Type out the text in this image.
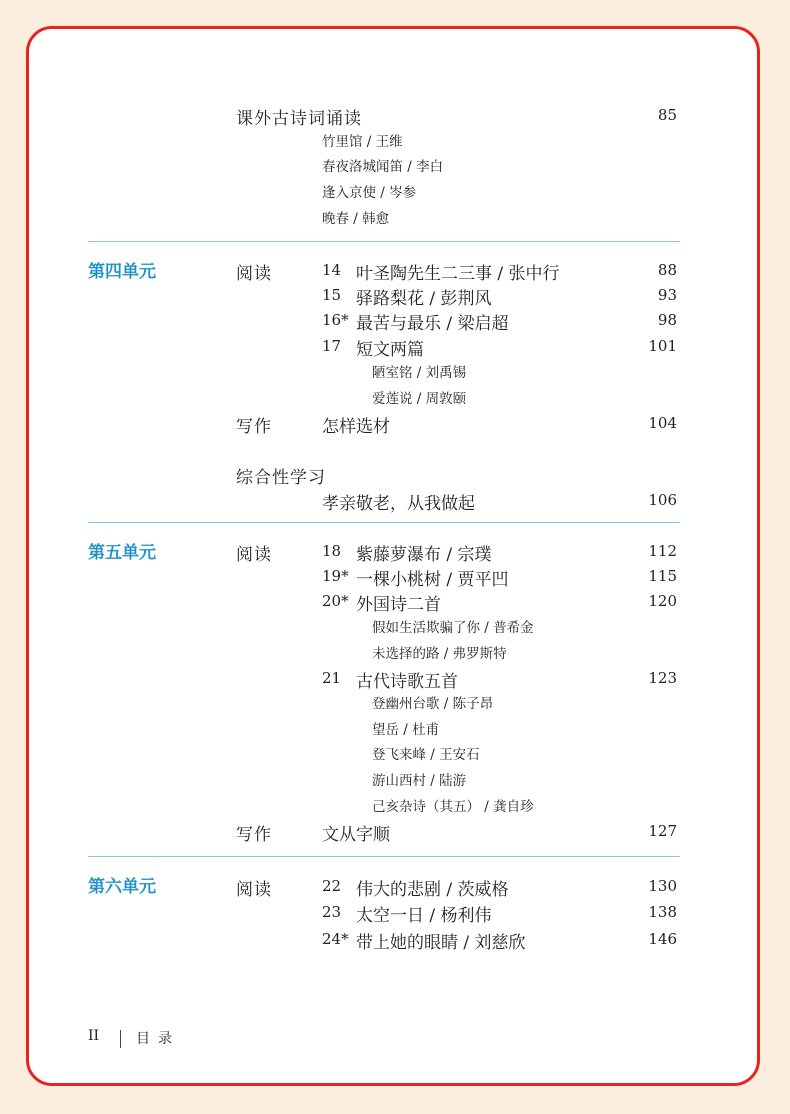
课外古诗词诵读	85
竹里馆 / 王维
春夜洛城闻笛 / 李白
逢入京使 / 岑参
晚春 / 韩愈
第四单元	阅读	14 叶圣陶先生二三事 / 张中行	88
15 驿路梨花 / 彭荆风	93
16* 最苦与最乐 / 梁启超	98
17 短文两篇	101
陋室铭 / 刘禹锡
爱莲说 / 周敦颐
写作	怎样选材	104
综合性学习
孝亲敬老，从我做起	106
第五单元	阅读	18 紫藤萝瀑布 / 宗璞	112
19* 一棵小桃树 / 贾平凹	115
20* 外国诗二首	120
假如生活欺骗了你 / 普希金
未选择的路 / 弗罗斯特
21 古代诗歌五首	123
登幽州台歌 / 陈子昂
望岳 / 杜甫
登飞来峰 / 王安石
游山西村 / 陆游
己亥杂诗（其五） / 龚自珍
写作	文从字顺	127
第六单元	阅读	22 伟大的悲剧 / 茨威格	130
23 太空一日 / 杨利伟	138
24* 带上她的眼睛 / 刘慈欣	146
II	目录
